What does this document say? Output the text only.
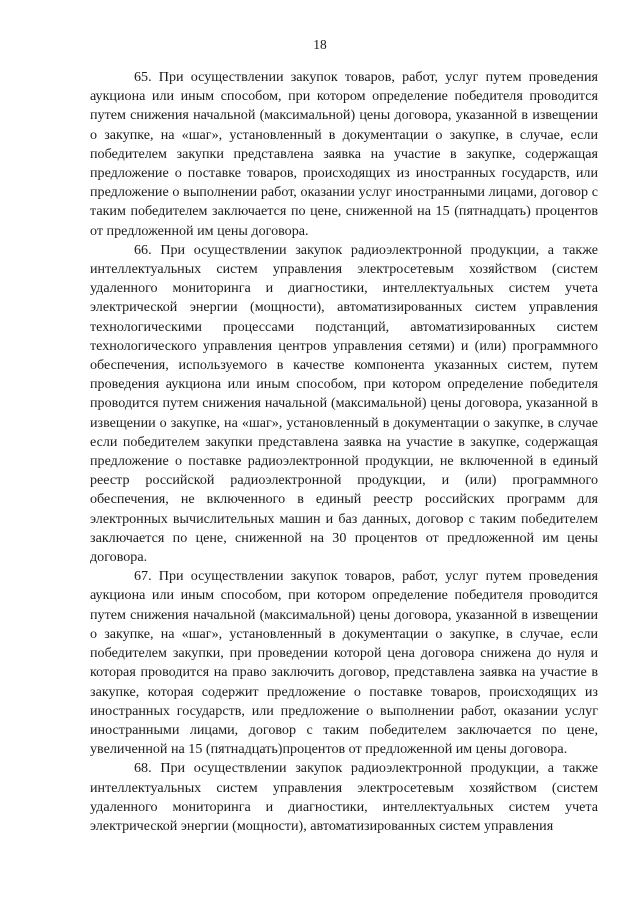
18

65. При осуществлении закупок товаров, работ, услуг путем проведения аукциона или иным способом, при котором определение победителя проводится путем снижения начальной (максимальной) цены договора, указанной в извещении о закупке, на «шаг», установленный в документации о закупке, в случае, если победителем закупки представлена заявка на участие в закупке, содержащая предложение о поставке товаров, происходящих из иностранных государств, или предложение о выполнении работ, оказании услуг иностранными лицами, договор с таким победителем заключается по цене, сниженной на 15 (пятнадцать) процентов от предложенной им цены договора.

66. При осуществлении закупок радиоэлектронной продукции, а также интеллектуальных систем управления электросетевым хозяйством (систем удаленного мониторинга и диагностики, интеллектуальных систем учета электрической энергии (мощности), автоматизированных систем управления технологическими процессами подстанций, автоматизированных систем технологического управления центров управления сетями) и (или) программного обеспечения, используемого в качестве компонента указанных систем, путем проведения аукциона или иным способом, при котором определение победителя проводится путем снижения начальной (максимальной) цены договора, указанной в извещении о закупке, на «шаг», установленный в документации о закупке, в случае если победителем закупки представлена заявка на участие в закупке, содержащая предложение о поставке радиоэлектронной продукции, не включенной в единый реестр российской радиоэлектронной продукции, и (или) программного обеспечения, не включенного в единый реестр российских программ для электронных вычислительных машин и баз данных, договор с таким победителем заключается по цене, сниженной на 30 процентов от предложенной им цены договора.

67. При осуществлении закупок товаров, работ, услуг путем проведения аукциона или иным способом, при котором определение победителя проводится путем снижения начальной (максимальной) цены договора, указанной в извещении о закупке, на «шаг», установленный в документации о закупке, в случае, если победителем закупки, при проведении которой цена договора снижена до нуля и которая проводится на право заключить договор, представлена заявка на участие в закупке, которая содержит предложение о поставке товаров, происходящих из иностранных государств, или предложение о выполнении работ, оказании услуг иностранными лицами, договор с таким победителем заключается по цене, увеличенной на 15 (пятнадцать)процентов от предложенной им цены договора.

68. При осуществлении закупок радиоэлектронной продукции, а также интеллектуальных систем управления электросетевым хозяйством (систем удаленного мониторинга и диагностики, интеллектуальных систем учета электрической энергии (мощности), автоматизированных систем управления
